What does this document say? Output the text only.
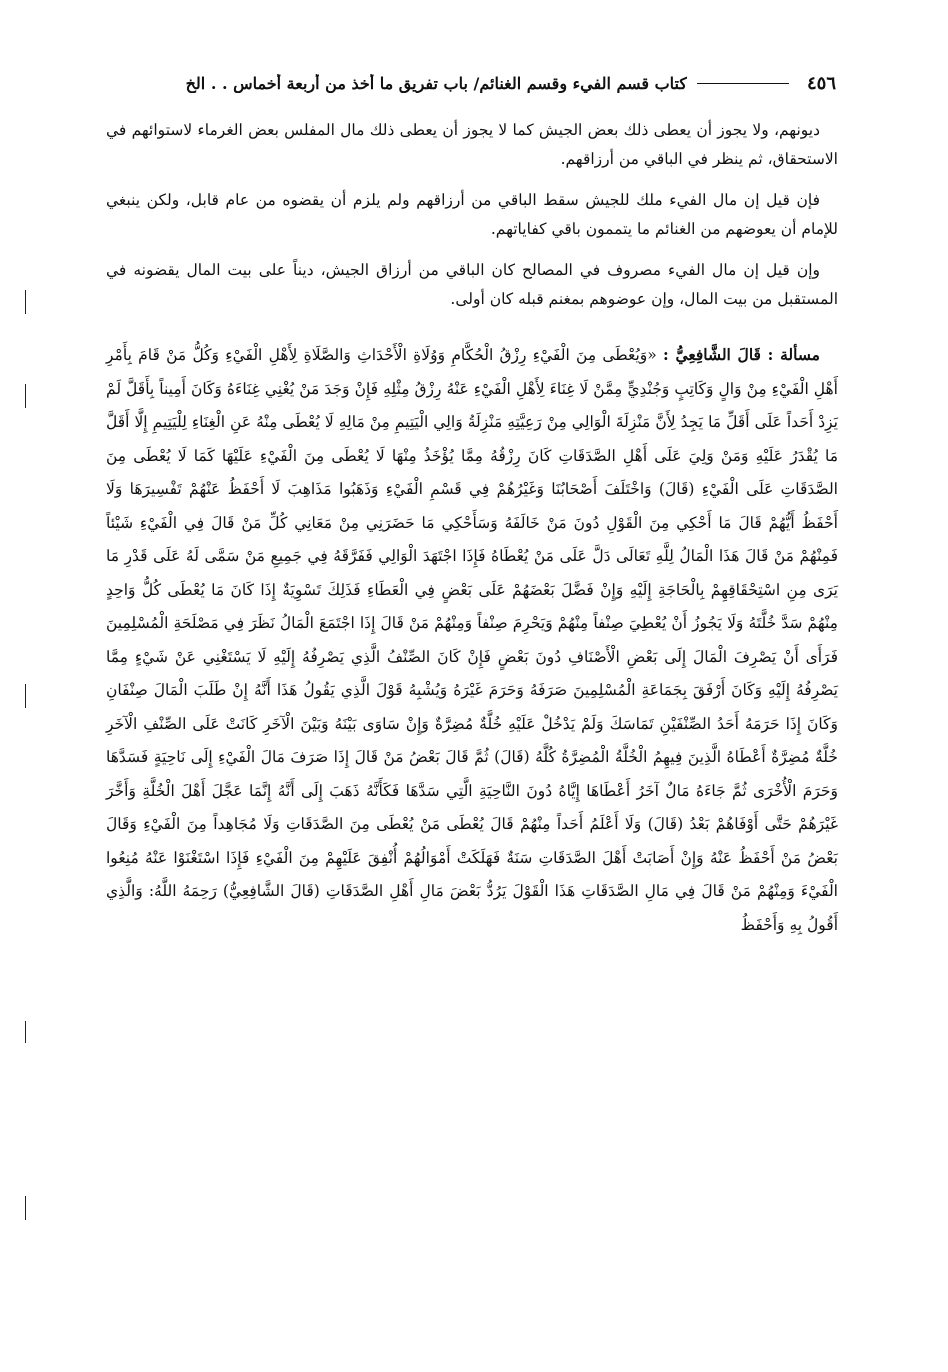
٤٥٦
كتاب قسم الفيء وقسم الغنائم/ باب تفريق ما أخذ من أربعة أخماس . . الخ

ديونهم، ولا يجوز أن يعطى ذلك بعض الجيش كما لا يجوز أن يعطى ذلك مال المفلس بعض الغرماء لاستوائهم في الاستحقاق، ثم ينظر في الباقي من أرزاقهم.

فإن قيل إن مال الفيء ملك للجيش سقط الباقي من أرزاقهم ولم يلزم أن يقضوه من عام قابل، ولكن ينبغي للإمام أن يعوضهم من الغنائم ما يتممون باقي كفاياتهم.

وإن قيل إن مال الفيء مصروف في المصالح كان الباقي من أرزاق الجيش، ديناً على بيت المال يقضونه في المستقبل من بيت المال، وإن عوضوهم بمغنم قبله كان أولى.

مسألة : قَالَ الشَّافِعِيُّ : «وَيُعْطَى مِنَ الْفَيْءِ رِزْقُ الْحُكَّامِ وَوُلَاةِ الْأَحْدَاثِ وَالصَّلَاةِ لِأَهْلِ الْفَيْءِ وَكُلُّ مَنْ قَامَ بِأَمْرِ أَهْلِ الْفَيْءِ مِنْ وَالٍ وَكَاتِبٍ وَجُنْدِيٍّ مِمَّنْ لَا غِنَاءَ لِأَهْلِ الْفَيْءِ عَنْهُ رِزْقُ مِثْلِهِ فَإِنْ وَجَدَ مَنْ يُغْنِي غِنَاءَهُ وَكَانَ أَمِيناً بِأَقَلَّ لَمْ يَزِدْ أَحَداً عَلَى أَقَلِّ مَا يَجِدُ لِأَنَّ مَنْزِلَةَ الْوَالِي مِنْ رَعِيَّتِهِ مَنْزِلَةُ وَالِي الْيَتِيمِ مِنْ مَالِهِ لَا يُعْطَى مِنْهُ عَنِ الْغِنَاءِ لِلْيَتِيمِ إِلَّا أَقَلَّ مَا يُقْدَرُ عَلَيْهِ وَمَنْ وَلِيَ عَلَى أَهْلِ الصَّدَقَاتِ كَانَ رِزْقُهُ مِمَّا يُؤْخَذُ مِنْهَا لَا يُعْطَى مِنَ الْفَيْءِ عَلَيْهَا كَمَا لَا يُعْطَى مِنَ الصَّدَقَاتِ عَلَى الْفَيْءِ (قَالَ) وَاخْتَلَفَ أَصْحَابُنَا وَغَيْرُهُمْ فِي قَسْمِ الْفَيْءِ وَذَهَبُوا مَذَاهِبَ لَا أَحْفَظُ عَنْهُمْ تَفْسِيرَهَا وَلَا أَحْفَظُ أَيُّهُمْ قَالَ مَا أَحْكِي مِنَ الْقَوْلِ دُونَ مَنْ خَالَفَهُ وَسَأَحْكِي مَا حَضَرَنِي مِنْ مَعَانِي كُلِّ مَنْ قَالَ فِي الْفَيْءِ شَيْئاً فَمِنْهُمْ مَنْ قَالَ هَذَا الْمَالُ لِلَّهِ تَعَالَى دَلَّ عَلَى مَنْ يُعْطَاهُ فَإِذَا اجْتَهَدَ الْوَالِي فَفَرَّقَهُ فِي جَمِيعِ مَنْ سَمَّى لَهُ عَلَى قَدْرِ مَا يَرَى مِنِ اسْتِحْقَاقِهِمْ بِالْحَاجَةِ إِلَيْهِ وَإِنْ فَضَّلَ بَعْضَهُمْ عَلَى بَعْضٍ فِي الْعَطَاءِ فَذَلِكَ تَسْوِيَةٌ إِذَا كَانَ مَا يُعْطَى كُلُّ وَاحِدٍ مِنْهُمْ سَدَّ خُلَّتَهُ وَلَا يَجُوزُ أَنْ يُعْطِيَ صِنْفاً مِنْهُمْ وَيَحْرِمَ صِنْفاً وَمِنْهُمْ مَنْ قَالَ إِذَا اجْتَمَعَ الْمَالُ نَظَرَ فِي مَصْلَحَةِ الْمُسْلِمِينَ فَرَأَى أَنْ يَصْرِفَ الْمَالَ إِلَى بَعْضِ الْأَصْنَافِ دُونَ بَعْضٍ فَإِنْ كَانَ الصِّنْفُ الَّذِي يَصْرِفُهُ إِلَيْهِ لَا يَسْتَغْنِي عَنْ شَيْءٍ مِمَّا يَصْرِفُهُ إِلَيْهِ وَكَانَ أَرْفَقَ بِجَمَاعَةِ الْمُسْلِمِينَ صَرَفَهُ وَحَرَمَ غَيْرَهُ وَيُشْبِهُ قَوْلَ الَّذِي يَقُولُ هَذَا أَنَّهُ إِنْ طَلَبَ الْمَالَ صِنْفَانِ وَكَانَ إِذَا حَرَمَهُ أَحَدُ الصِّنْفَيْنِ تَمَاسَكَ وَلَمْ يَدْخُلْ عَلَيْهِ خُلَّةٌ مُضِرَّةٌ وَإِنْ سَاوَى بَيْنَهُ وَبَيْنَ الْآخَرِ كَانَتْ عَلَى الصِّنْفِ الْآخَرِ خُلَّةٌ مُضِرَّةٌ أَعْطَاهُ الَّذِينَ فِيهِمُ الْخُلَّةُ الْمُضِرَّةُ كُلَّهُ (قَالَ) ثُمَّ قَالَ بَعْضُ مَنْ قَالَ إِذَا صَرَفَ مَالَ الْفَيْءِ إِلَى نَاحِيَةٍ فَسَدَّهَا وَحَرَمَ الْأُخْرَى ثُمَّ جَاءَهُ مَالٌ آخَرُ أَعْطَاهَا إِيَّاهُ دُونَ النَّاحِيَةِ الَّتِي سَدَّهَا فَكَأَنَّهُ ذَهَبَ إِلَى أَنَّهُ إِنَّمَا عَجَّلَ أَهْلَ الْخُلَّةِ وَأَخَّرَ غَيْرَهُمْ حَتَّى أَوْفَاهُمْ بَعْدُ (قَالَ) وَلَا أَعْلَمُ أَحَداً مِنْهُمْ قَالَ يُعْطَى مَنْ يُعْطَى مِنَ الصَّدَقَاتِ وَلَا مُجَاهِداً مِنَ الْفَيْءِ وَقَالَ بَعْضُ مَنْ أَحْفَظُ عَنْهُ وَإِنْ أَصَابَتْ أَهْلَ الصَّدَقَاتِ سَنَةٌ فَهَلَكَتْ أَمْوَالُهُمْ أُنْفِقَ عَلَيْهِمْ مِنَ الْفَيْءِ فَإِذَا اسْتَغْنَوْا عَنْهُ مُنِعُوا الْفَيْءَ وَمِنْهُمْ مَنْ قَالَ فِي مَالِ الصَّدَقَاتِ هَذَا الْقَوْلَ يَرُدُّ بَعْضَ مَالِ أَهْلِ الصَّدَقَاتِ (قَالَ الشَّافِعِيُّ) رَحِمَهُ اللَّهُ: وَالَّذِي أَقُولُ بِهِ وَأَحْفَظُ
